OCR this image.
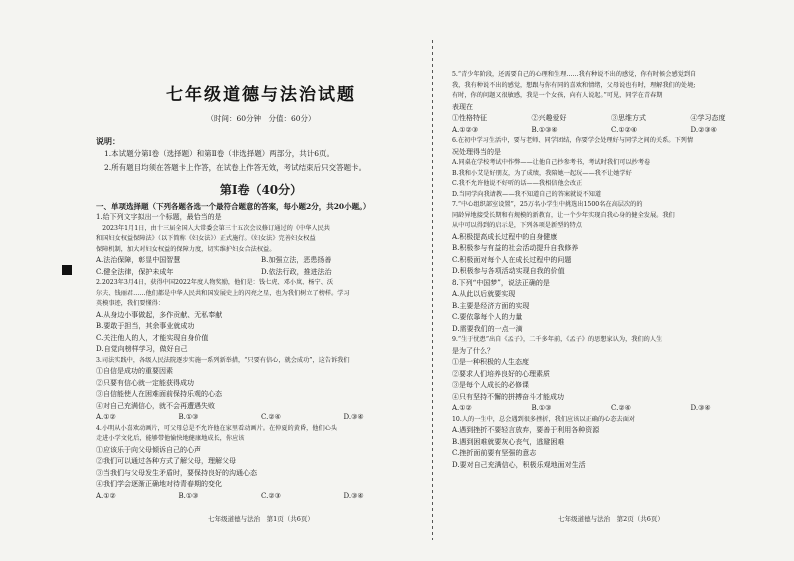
七年级道德与法治试题
（时间：60分钟　分值：60分）
说明：
1.本试题分第Ⅰ卷（选择题）和第Ⅱ卷（非选择题）两部分，共计6页。
2.所有题目均须在答题卡上作答，在试卷上作答无效，考试结束后只交答题卡。
第Ⅰ卷（40分）
一、单项选择题（下列各题各选一个最符合题意的答案，每小题2分，共20小题。）
1.给下列文字拟出一个标题，最恰当的是
　2023年1月1日，由十三届全国人大常委会第三十五次会议修订通过的《中华人民共
和国妇女权益保障法》（以下简称《妇女法》）正式施行。《妇女法》完善妇女权益
保障机制，加大对妇女权益的保障力度，切实维护妇女合法权益。
A.法治保障，彰显中国智慧	B.加强立法，恶患扬善
C.健全法律，保护未成年	D.依法行政，推进法治
2.2023年3月4日，获得中国2022年度人物奖励，他们是：钱七虎、邓小岚、杨宁、沃
尔夫、钱丽君……他们都是中华人民共和国发展史上的闪亮之星，也为我们树立了榜样。学习
英模事迹，我们要懂得：
A.从身边小事做起，多作贡献、无私奉献
B.要敢于担当，其余事业就成功
C.关注他人的人，才能实现自身价值
D.自觉向榜样学习，做好自己
3.司法实践中，各级人民法院逐步实施一系列新举措，“只要有信心，就会成功”，这告诉我们
①自信是成功的重要因素
②只要有信心就一定能获得成功
③自信能使人在困难面前保持乐观的心态
④对自己充满信心，就不会再遭遇失败
A.①②	B.①③	C.②④	D.③④
4.小明从小喜欢动画片，可父母总是不允许他在家里看动画片。在仲夏的黄昏，他们心头
走进小学文化后，能够带他愉快地健康地成长，你应该
①应该乐于向父母倾诉自己的心声
②我们可以通过各种方式了解父母，理解父母
③当我们与父母发生矛盾时，要保持良好的沟通心态
④我们学会逐渐正确地对待青春期的变化
A.①②	B.①③	C.②③	D.③④
七年级道德与法治　第1页（共6页）
5.“青少年阶段，还需要自己的心理和生理……我有种说不出的感觉，你有时候会感觉到自
我，我有种说不出的感觉，想跟与你有同的喜欢和情绪，父母说也有时，理解我们的处境;
有时，你的问题又很敏感，我是一个女孩，向有人说起。”可见，同学在青春期
表现在
①性格特征	②兴趣爱好	③思维方式	④学习态度
A.①②③	B.①③④	C.①②④	D.②③④
6.在初中学习生活中，要与老师、同学团结，你要学会处理好与同学之间的关系。下列情
况处理得当的是
A.同桌在学校考试中作弊——让他自己抄参考书，考试时我们可以抄考卷
B.我和小艾是好朋友，为了成绩，我陪她一起玩——我不让她学好
C.我不允许他说不好听的话——我相信他会改正
D.当同学向我请教——我不知道自己的答案就说不知道
7.“中心组织部室设置”，25万名小学生中挑选出1500名在高层次的的
同龄异地接受长期和有规模的新教育，让一个少年实现自我心身的健全发展。我们
从中可以得到的启示是，下列各项是新型的特点
A.积极提高成长过程中的自身健康
B.积极参与有益的社会活动提升自我修养
C.积极面对每个人在成长过程中的问题
D.积极参与各项活动实现自我的价值
8.下列“中国梦”，说法正确的是
A.从此以后就要实现
B.主要是经济方面的实现
C.要依靠每个人的力量
D.需要我们的一点一滴
9.“生于忧患”出自《孟子》，二千多年前，《孟子》的思想家认为，我们的人生
是为了什么？
①是一种积极的人生态度
②要求人们培养良好的心理素质
③是每个人成长的必修课
④只有坚持不懈的拼搏奋斗才能成功
A.①②	B.①③	C.②④	D.③④
10.人的一生中，总会遇到很多挫折，我们应该以正确的心态去面对
A.遇到挫折不要轻言放弃，要善于利用各种资源
B.遇到困难就要灰心丧气，逃避困难
C.挫折面前要有坚强的意志
D.要对自己充满信心，积极乐观地面对生活
七年级道德与法治　第2页（共6页）
